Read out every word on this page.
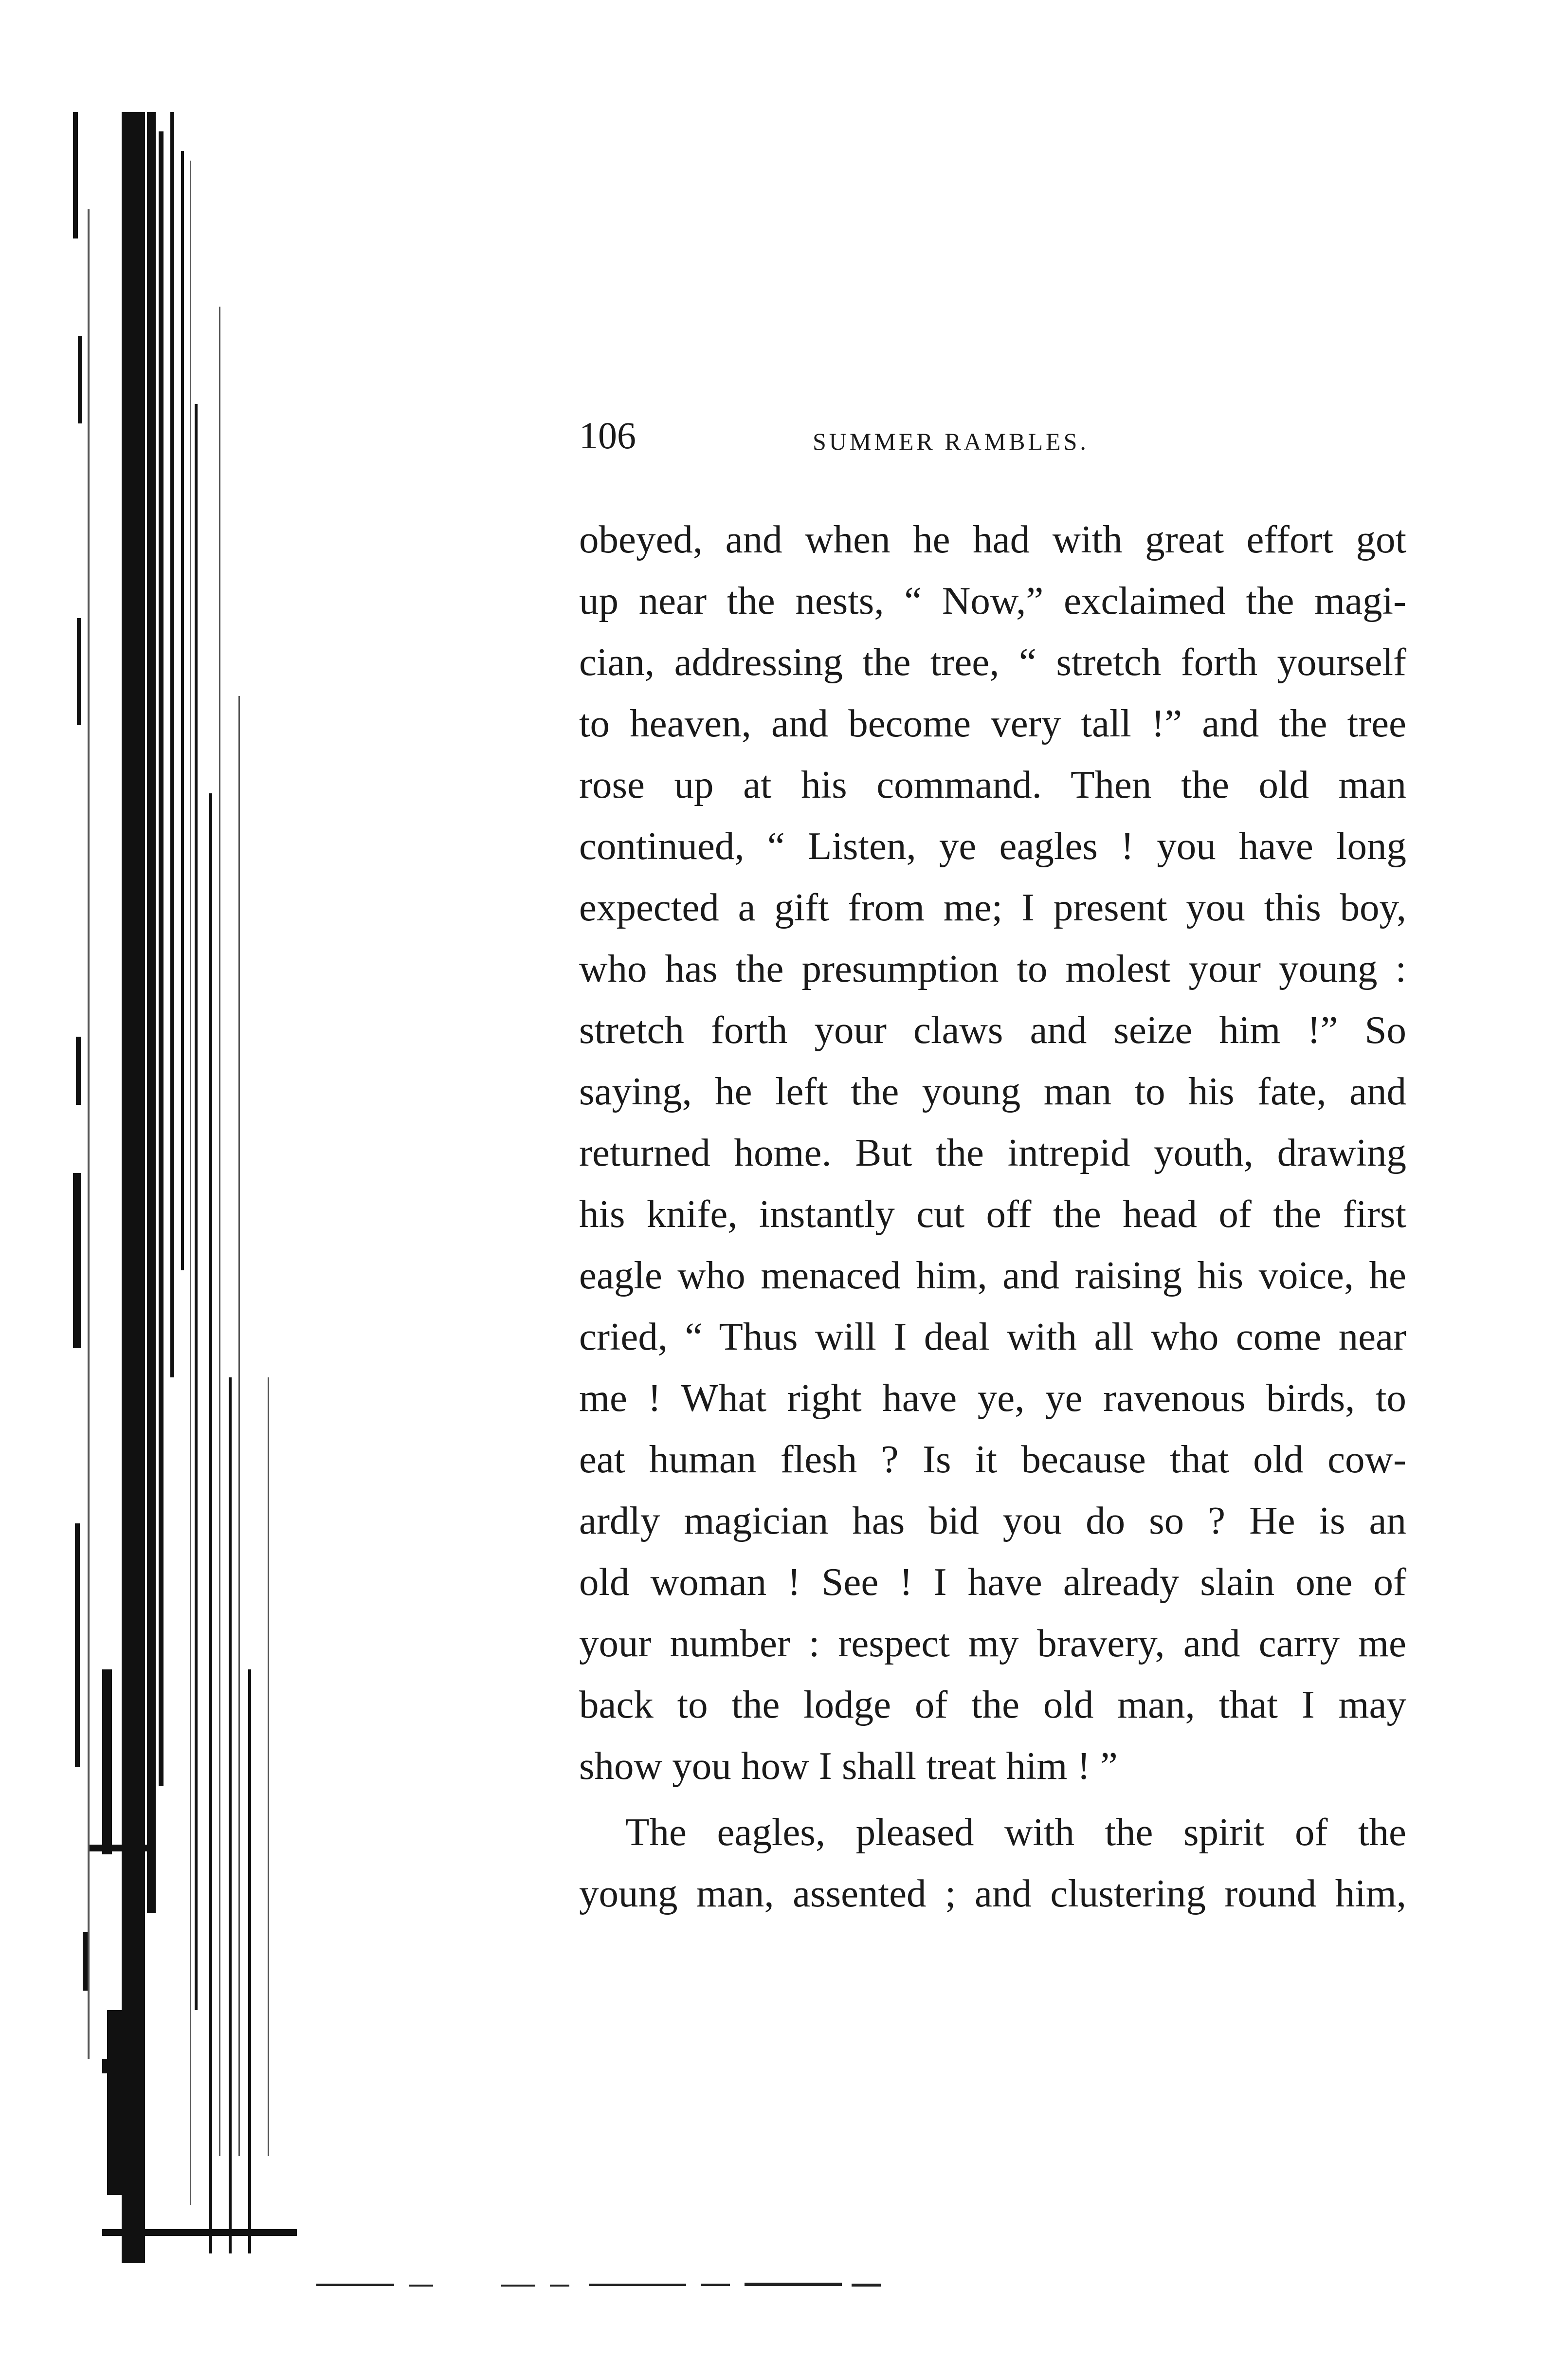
106	SUMMER RAMBLES.
obeyed, and when he had with great effort got
up near the nests, “ Now,” exclaimed the magi-
cian, addressing the tree, “ stretch forth yourself
to heaven, and become very tall !” and the tree
rose up at his command. Then the old man
continued, “ Listen, ye eagles ! you have long
expected a gift from me; I present you this boy,
who has the presumption to molest your young :
stretch forth your claws and seize him !” So
saying, he left the young man to his fate, and
returned home. But the intrepid youth, drawing
his knife, instantly cut off the head of the first
eagle who menaced him, and raising his voice, he
cried, “ Thus will I deal with all who come near
me ! What right have ye, ye ravenous birds, to
eat human flesh ? Is it because that old cow-
ardly magician has bid you do so ? He is an
old woman ! See ! I have already slain one of
your number : respect my bravery, and carry me
back to the lodge of the old man, that I may
show you how I shall treat him ! ”
The eagles, pleased with the spirit of the
young man, assented ; and clustering round him,
